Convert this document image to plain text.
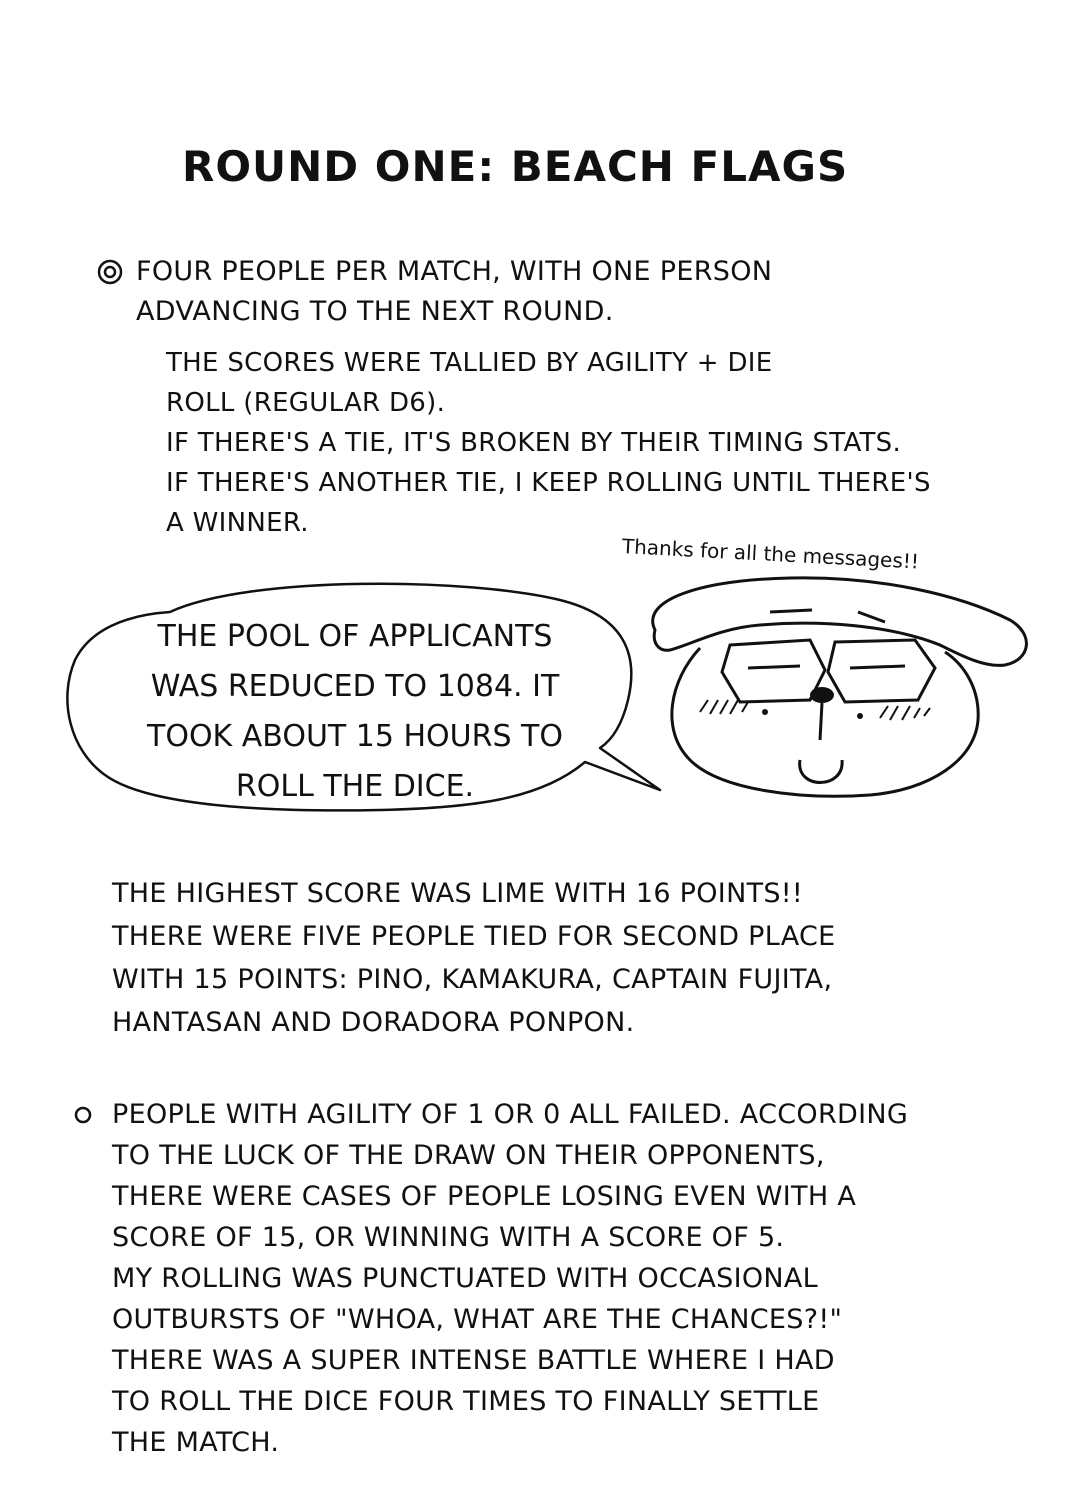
ROUND ONE: BEACH FLAGS
FOUR PEOPLE PER MATCH, WITH ONE PERSON
ADVANCING TO THE NEXT ROUND.
THE SCORES WERE TALLIED BY AGILITY + DIE
ROLL (REGULAR D6).
IF THERE'S A TIE, IT'S BROKEN BY THEIR TIMING STATS.
IF THERE'S ANOTHER TIE, I KEEP ROLLING UNTIL THERE'S
A WINNER.
Thanks for all the messages!!
THE POOL OF APPLICANTS
WAS REDUCED TO 1084. IT
TOOK ABOUT 15 HOURS TO
ROLL THE DICE.
THE HIGHEST SCORE WAS LIME WITH 16 POINTS!!
THERE WERE FIVE PEOPLE TIED FOR SECOND PLACE
WITH 15 POINTS: PINO, KAMAKURA, CAPTAIN FUJITA,
HANTASAN AND DORADORA PONPON.
PEOPLE WITH AGILITY OF 1 OR 0 ALL FAILED. ACCORDING
TO THE LUCK OF THE DRAW ON THEIR OPPONENTS,
THERE WERE CASES OF PEOPLE LOSING EVEN WITH A
SCORE OF 15, OR WINNING WITH A SCORE OF 5.
MY ROLLING WAS PUNCTUATED WITH OCCASIONAL
OUTBURSTS OF "WHOA, WHAT ARE THE CHANCES?!"
THERE WAS A SUPER INTENSE BATTLE WHERE I HAD
TO ROLL THE DICE FOUR TIMES TO FINALLY SETTLE
THE MATCH.
